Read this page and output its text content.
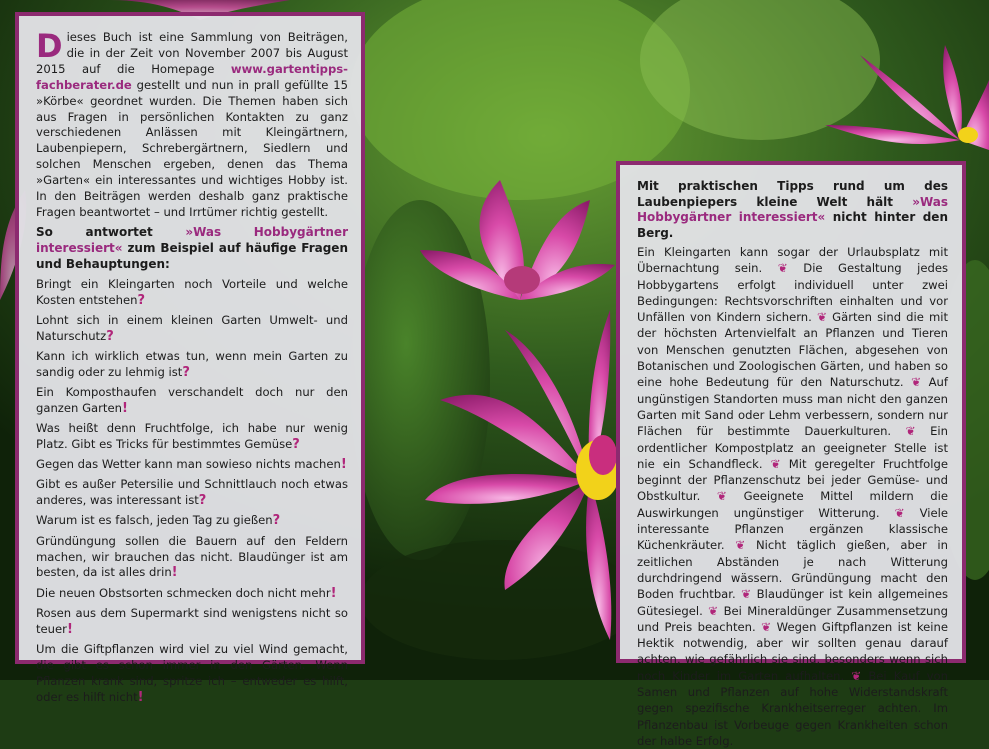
Dieses Buch ist eine Sammlung von Beiträgen, die in der Zeit von November 2007 bis August 2015 auf die Homepage www.gartentipps-fachberater.de gestellt und nun in prall gefüllte 15 »Körbe« geordnet wurden. Die Themen haben sich aus Fragen in persönlichen Kontakten zu ganz verschiedenen Anlässen mit Kleingärtnern, Laubenpiepern, Schrebergärtnern, Siedlern und solchen Menschen ergeben, denen das Thema »Garten« ein interessantes und wichtiges Hobby ist. In den Beiträgen werden deshalb ganz praktische Fragen beantwortet – und Irrtümer richtig gestellt.

So antwortet »Was Hobbygärtner interessiert« zum Beispiel auf häufige Fragen und Behauptungen:

Bringt ein Kleingarten noch Vorteile und welche Kosten entstehen?

Lohnt sich in einem kleinen Garten Umwelt- und Naturschutz?

Kann ich wirklich etwas tun, wenn mein Garten zu sandig oder zu lehmig ist?

Ein Komposthaufen verschandelt doch nur den ganzen Garten!

Was heißt denn Fruchtfolge, ich habe nur wenig Platz. Gibt es Tricks für bestimmtes Gemüse?

Gegen das Wetter kann man sowieso nichts machen!

Gibt es außer Petersilie und Schnittlauch noch etwas anderes, was interessant ist?

Warum ist es falsch, jeden Tag zu gießen?

Gründüngung sollen die Bauern auf den Feldern machen, wir brauchen das nicht. Blaudünger ist am besten, da ist alles drin!

Die neuen Obstsorten schmecken doch nicht mehr!

Rosen aus dem Supermarkt sind wenigstens nicht so teuer!

Um die Giftpflanzen wird viel zu viel Wind gemacht, die gibt es schon immer in den Gärten. Wenn Pflanzen krank sind, spritze ich – entweder es hilft, oder es hilft nicht!

Mit praktischen Tipps rund um des Laubenpiepers kleine Welt hält »Was Hobbygärtner interessiert« nicht hinter den Berg.

Ein Kleingarten kann sogar der Urlaubsplatz mit Übernachtung sein. ❦ Die Gestaltung jedes Hobbygartens erfolgt individuell unter zwei Bedingungen: Rechtsvorschriften einhalten und vor Unfällen von Kindern sichern. ❦ Gärten sind die mit der höchsten Artenvielfalt an Pflanzen und Tieren von Menschen genutzten Flächen, abgesehen von Botanischen und Zoologischen Gärten, und haben so eine hohe Bedeutung für den Naturschutz. ❦ Auf ungünstigen Standorten muss man nicht den ganzen Garten mit Sand oder Lehm verbessern, sondern nur Flächen für bestimmte Dauerkulturen. ❦ Ein ordentlicher Kompostplatz an geeigneter Stelle ist nie ein Schandfleck. ❦ Mit geregelter Fruchtfolge beginnt der Pflanzenschutz bei jeder Gemüse- und Obstkultur. ❦ Geeignete Mittel mildern die Auswirkungen ungünstiger Witterung. ❦ Viele interessante Pflanzen ergänzen klassische Küchenkräuter. ❦ Nicht täglich gießen, aber in zeitlichen Abständen je nach Witterung durchdringend wässern. Gründüngung macht den Boden fruchtbar. ❦ Blaudünger ist kein allgemeines Gütesiegel. ❦ Bei Mineraldünger Zusammensetzung und Preis beachten. ❦ Wegen Giftpflanzen ist keine Hektik notwendig, aber wir sollten genau darauf achten, wie gefährlich sie sind, besonders wenn sich noch Kinder im Garten aufhalten. ❦ Bei Kauf von Samen und Pflanzen auf hohe Widerstandskraft gegen spezifische Krankheitserreger achten. Im Pflanzenbau ist Vorbeuge gegen Krankheiten schon der halbe Erfolg.
